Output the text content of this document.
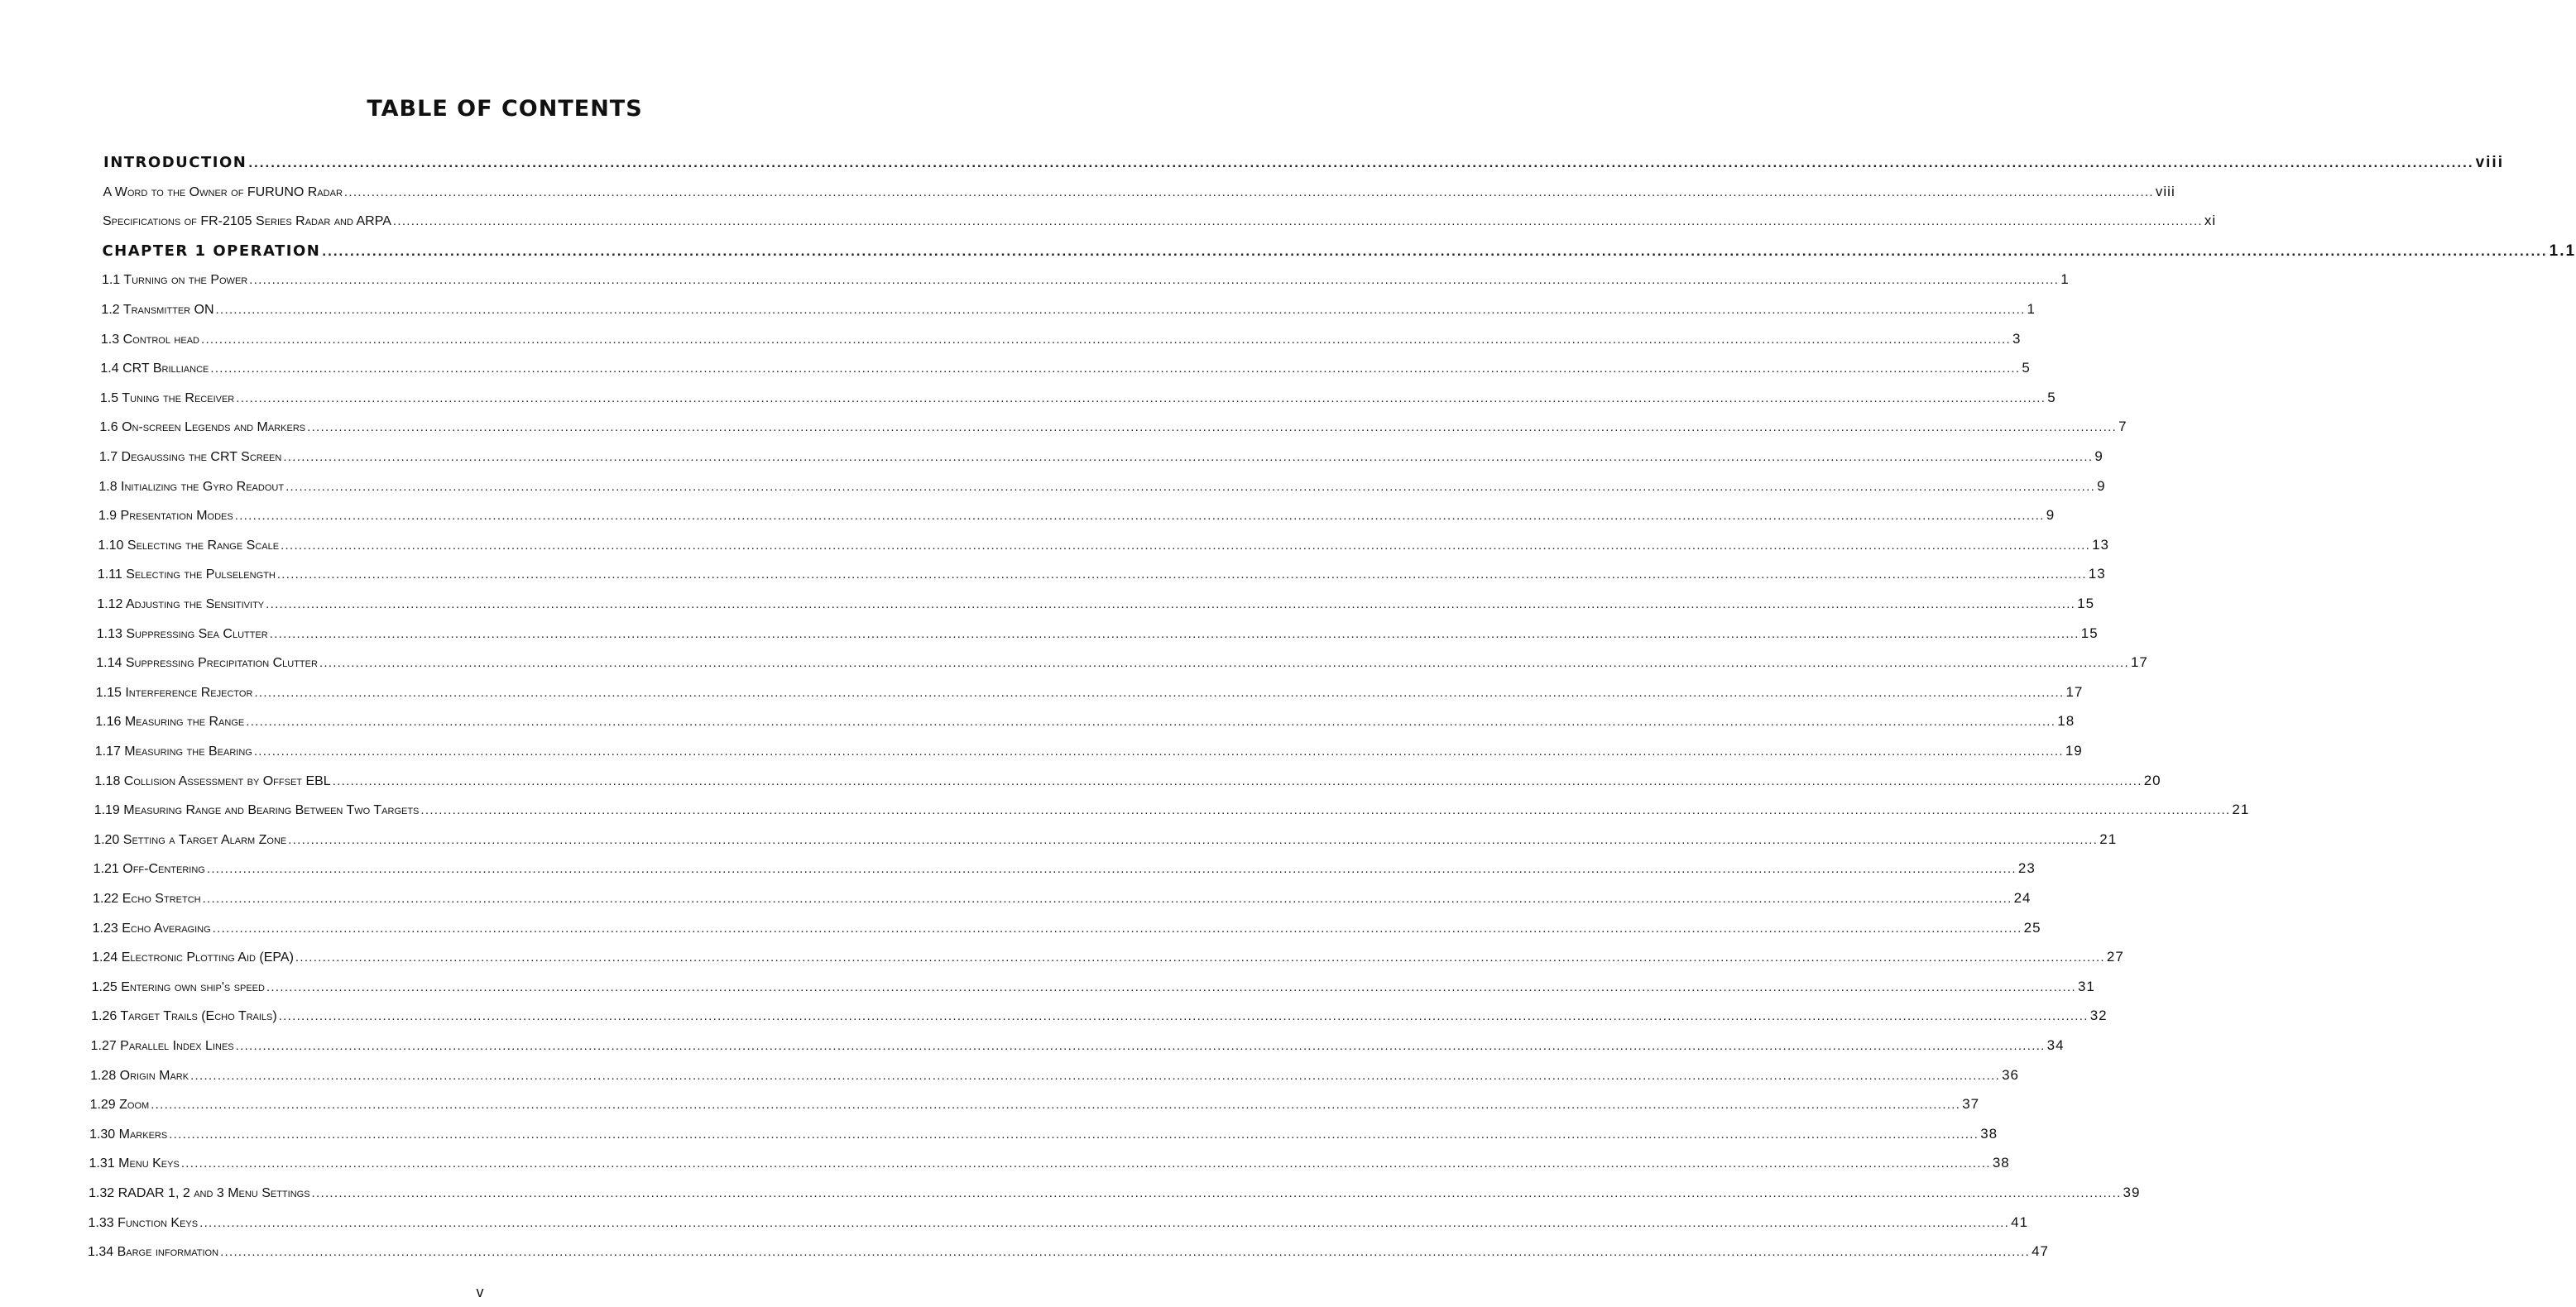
TABLE OF CONTENTS
INTRODUCTION ................................................................................................................................................................................................................................................................................................................................................................................................................ viii
A Word to the Owner of FURUNO Radar ................................................................................................................................................................................................................................................................................................................................................................................................................ viii
Specifications of FR-2105 Series Radar and ARPA ................................................................................................................................................................................................................................................................................................................................................................................................................ xi
CHAPTER 1 OPERATION ................................................................................................................................................................................................................................................................................................................................................................................................................ 1.1
1.1 Turning on the Power ................................................................................................................................................................................................................................................................................................................................................................................................................ 1
1.2 Transmitter ON ................................................................................................................................................................................................................................................................................................................................................................................................................ 1
1.3 Control head ................................................................................................................................................................................................................................................................................................................................................................................................................ 3
1.4 CRT Brilliance ................................................................................................................................................................................................................................................................................................................................................................................................................ 5
1.5 Tuning the Receiver ................................................................................................................................................................................................................................................................................................................................................................................................................ 5
1.6 On-screen Legends and Markers ................................................................................................................................................................................................................................................................................................................................................................................................................ 7
1.7 Degaussing the CRT Screen ................................................................................................................................................................................................................................................................................................................................................................................................................ 9
1.8 Initializing the Gyro Readout ................................................................................................................................................................................................................................................................................................................................................................................................................ 9
1.9 Presentation Modes ................................................................................................................................................................................................................................................................................................................................................................................................................ 9
1.10 Selecting the Range Scale ................................................................................................................................................................................................................................................................................................................................................................................................................ 13
1.11 Selecting the Pulselength ................................................................................................................................................................................................................................................................................................................................................................................................................ 13
1.12 Adjusting the Sensitivity ................................................................................................................................................................................................................................................................................................................................................................................................................ 15
1.13 Suppressing Sea Clutter ................................................................................................................................................................................................................................................................................................................................................................................................................ 15
1.14 Suppressing Precipitation Clutter ................................................................................................................................................................................................................................................................................................................................................................................................................ 17
1.15 Interference Rejector ................................................................................................................................................................................................................................................................................................................................................................................................................ 17
1.16 Measuring the Range ................................................................................................................................................................................................................................................................................................................................................................................................................ 18
1.17 Measuring the Bearing ................................................................................................................................................................................................................................................................................................................................................................................................................ 19
1.18 Collision Assessment by Offset EBL ................................................................................................................................................................................................................................................................................................................................................................................................................ 20
1.19 Measuring Range and Bearing Between Two Targets ................................................................................................................................................................................................................................................................................................................................................................................................................ 21
1.20 Setting a Target Alarm Zone ................................................................................................................................................................................................................................................................................................................................................................................................................ 21
1.21 Off-Centering ................................................................................................................................................................................................................................................................................................................................................................................................................ 23
1.22 Echo Stretch ................................................................................................................................................................................................................................................................................................................................................................................................................ 24
1.23 Echo Averaging ................................................................................................................................................................................................................................................................................................................................................................................................................ 25
1.24 Electronic Plotting Aid (EPA) ................................................................................................................................................................................................................................................................................................................................................................................................................ 27
1.25 Entering own ship's speed ................................................................................................................................................................................................................................................................................................................................................................................................................ 31
1.26 Target Trails (Echo Trails) ................................................................................................................................................................................................................................................................................................................................................................................................................ 32
1.27 Parallel Index Lines ................................................................................................................................................................................................................................................................................................................................................................................................................ 34
1.28 Origin Mark ................................................................................................................................................................................................................................................................................................................................................................................................................ 36
1.29 Zoom ................................................................................................................................................................................................................................................................................................................................................................................................................ 37
1.30 Markers ................................................................................................................................................................................................................................................................................................................................................................................................................ 38
1.31 Menu Keys ................................................................................................................................................................................................................................................................................................................................................................................................................ 38
1.32 RADAR 1, 2 and 3 Menu Settings ................................................................................................................................................................................................................................................................................................................................................................................................................ 39
1.33 Function Keys ................................................................................................................................................................................................................................................................................................................................................................................................................ 41
1.34 Barge information ................................................................................................................................................................................................................................................................................................................................................................................................................ 47
v
